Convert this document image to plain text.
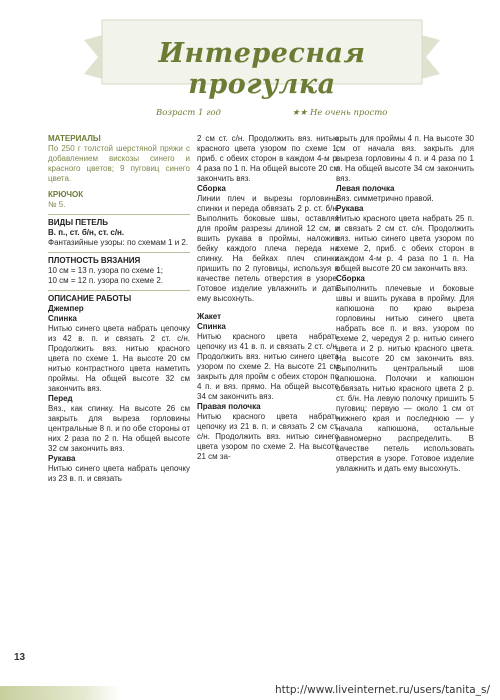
Интересная прогулка
Возраст 1 год	★★ Не очень просто
МАТЕРИАЛЫ
По 250 г толстой шерстяной пряжи с добавлением вискозы синего и красного цветов; 9 пуговиц синего цвета.
КРЮЧОК
№ 5.
ВИДЫ ПЕТЕЛЬ
В. п., ст. б/н, ст. с/н.
Фантазийные узоры: по схемам 1 и 2.
ПЛОТНОСТЬ ВЯЗАНИЯ
10 см = 13 п. узора по схеме 1;
10 см = 12 п. узора по схеме 2.
ОПИСАНИЕ РАБОТЫ
Джемпер
Спинка
Нитью синего цвета набрать цепочку из 42 в. п. и связать 2 ст. с/н. Продолжить вяз. нитью красного цвета по схеме 1. На высоте 20 см нитью контрастного цвета наметить проймы. На общей высоте 32 см закончить вяз.
Перед
Вяз., как спинку. На высоте 26 см закрыть для выреза горловины центральные 8 п. и по обе стороны от них 2 раза по 2 п. На общей высоте 32 см закончить вяз.
Рукава
Нитью синего цвета набрать цепочку из 23 в. п. и связать
2 см ст. с/н. Продолжить вяз. нитью красного цвета узором по схеме 1, приб. с обеих сторон в каждом 4-м р. 4 раза по 1 п. На общей высоте 20 см закончить вяз.
Сборка
Линии плеч и вырезы горловины спинки и переда обвязать 2 р. ст. б/н. Выполнить боковые швы, оставляя для пройм разрезы длиной 12 см, и вшить рукава в проймы, наложив бейку каждого плеча переда на спинку. На бейках плеч спинки пришить по 2 пуговицы, используя в качестве петель отверстия в узоре. Готовое изделие увлажнить и дать ему высохнуть.
Жакет
Спинка
Нитью красного цвета набрать цепочку из 41 в. п. и связать 2 ст. с/н. Продолжить вяз. нитью синего цвета узором по схеме 2. На высоте 21 см закрыть для пройм с обеих сторон по 4 п. и вяз. прямо. На общей высоте 34 см закончить вяз.
Правая полочка
Нитью красного цвета набрать цепочку из 21 в. п. и связать 2 см ст. с/н. Продолжить вяз. нитью синего цвета узором по схеме 2. На высоте 21 см за-
крыть для проймы 4 п. На высоте 30 см от начала вяз. закрыть для выреза горловины 4 п. и 4 раза по 1 п. На общей высоте 34 см закончить вяз.
Левая полочка
Вяз. симметрично правой.
Рукава
Нитью красного цвета набрать 25 п. и связать 2 см ст. с/н. Продолжить вяз. нитью синего цвета узором по схеме 2, приб. с обеих сторон в каждом 4-м р. 4 раза по 1 п. На общей высоте 20 см закончить вяз.
Сборка
Выполнить плечевые и боковые швы и вшить рукава в пройму. Для капюшона по краю выреза горловины нитью синего цвета набрать все п. и вяз. узором по схеме 2, чередуя 2 р. нитью синего цвета и 2 р. нитью красного цвета. На высоте 20 см закончить вяз. Выполнить центральный шов капюшона. Полочки и капюшон обвязать нитью красного цвета 2 р. ст. б/н. На левую полочку пришить 5 пуговиц: первую — около 1 см от нижнего края и последнюю — у начала капюшона, остальные равномерно распределить. В качестве петель использовать отверстия в узоре. Готовое изделие увлажнить и дать ему высохнуть.
13
http://www.liveinternet.ru/users/tanita_s/
